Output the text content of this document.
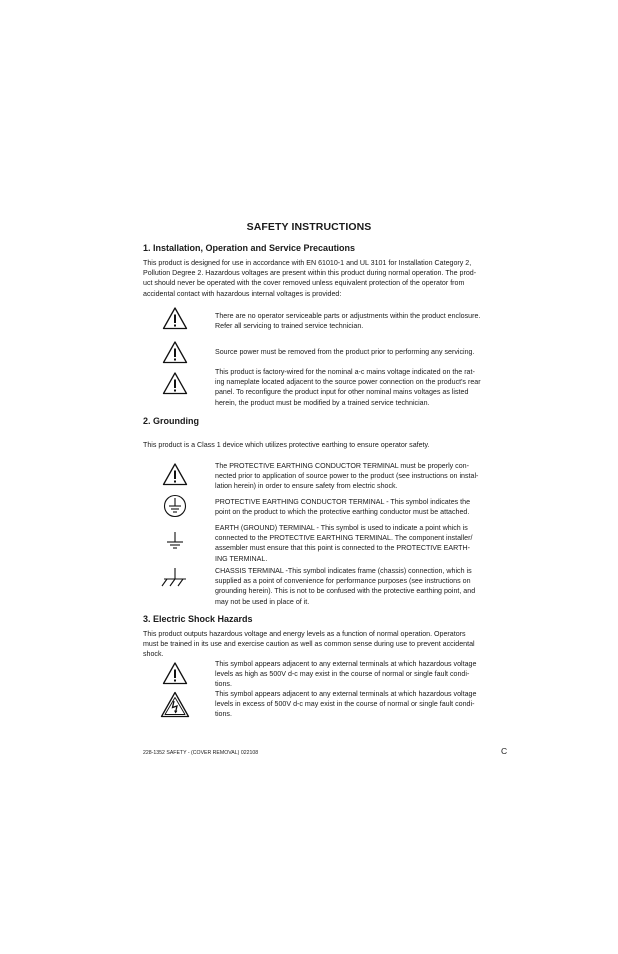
SAFETY INSTRUCTIONS
1. Installation, Operation and Service Precautions
This product is designed for use in accordance with EN 61010-1 and UL 3101 for Installation Category 2,
Pollution Degree 2. Hazardous voltages are present within this product during normal operation. The prod-
uct should never be operated with the cover removed unless equivalent protection of the operator from
accidental contact with hazardous internal voltages is provided:
There are no operator serviceable parts or adjustments within the product enclosure.
Refer all servicing to trained service technician.
Source power must be removed from the product prior to performing any servicing.
This product is factory-wired for the nominal a-c mains voltage indicated on the rat-
ing nameplate located adjacent to the source power connection on the product's rear
panel. To reconfigure the product input for other nominal mains voltages as listed
herein, the product must be modified by a trained service technician.
2. Grounding
This product is a Class 1 device which utilizes protective earthing to ensure operator safety.
The PROTECTIVE EARTHING CONDUCTOR TERMINAL must be properly con-
nected prior to application of source power to the product (see instructions on instal-
lation herein) in order to ensure safety from electric shock.
PROTECTIVE EARTHING CONDUCTOR TERMINAL - This symbol indicates the
point on the product to which the protective earthing conductor must be attached.
EARTH (GROUND) TERMINAL - This symbol is used to indicate a point which is
connected to the PROTECTIVE EARTHING TERMINAL. The component installer/
assembler must ensure that this point is connected to the PROTECTIVE EARTH-
ING TERMINAL.
CHASSIS TERMINAL -This symbol indicates frame (chassis) connection, which is
supplied as a point of convenience for performance purposes (see instructions on
grounding herein). This is not to be confused with the protective earthing point, and
may not be used in place of it.
3. Electric Shock Hazards
This product outputs hazardous voltage and energy levels as a function of normal operation. Operators
must be trained in its use and exercise caution as well as common sense during use to prevent accidental
shock.
This symbol appears adjacent to any external terminals at which hazardous voltage
levels as high as 500V d-c may exist in the course of normal or single fault condi-
tions.
This symbol appears adjacent to any external terminals at which hazardous voltage
levels in excess of 500V d-c may exist in the course of normal or single fault condi-
tions.
228-1352 SAFETY - (COVER REMOVAL) 022108	C
